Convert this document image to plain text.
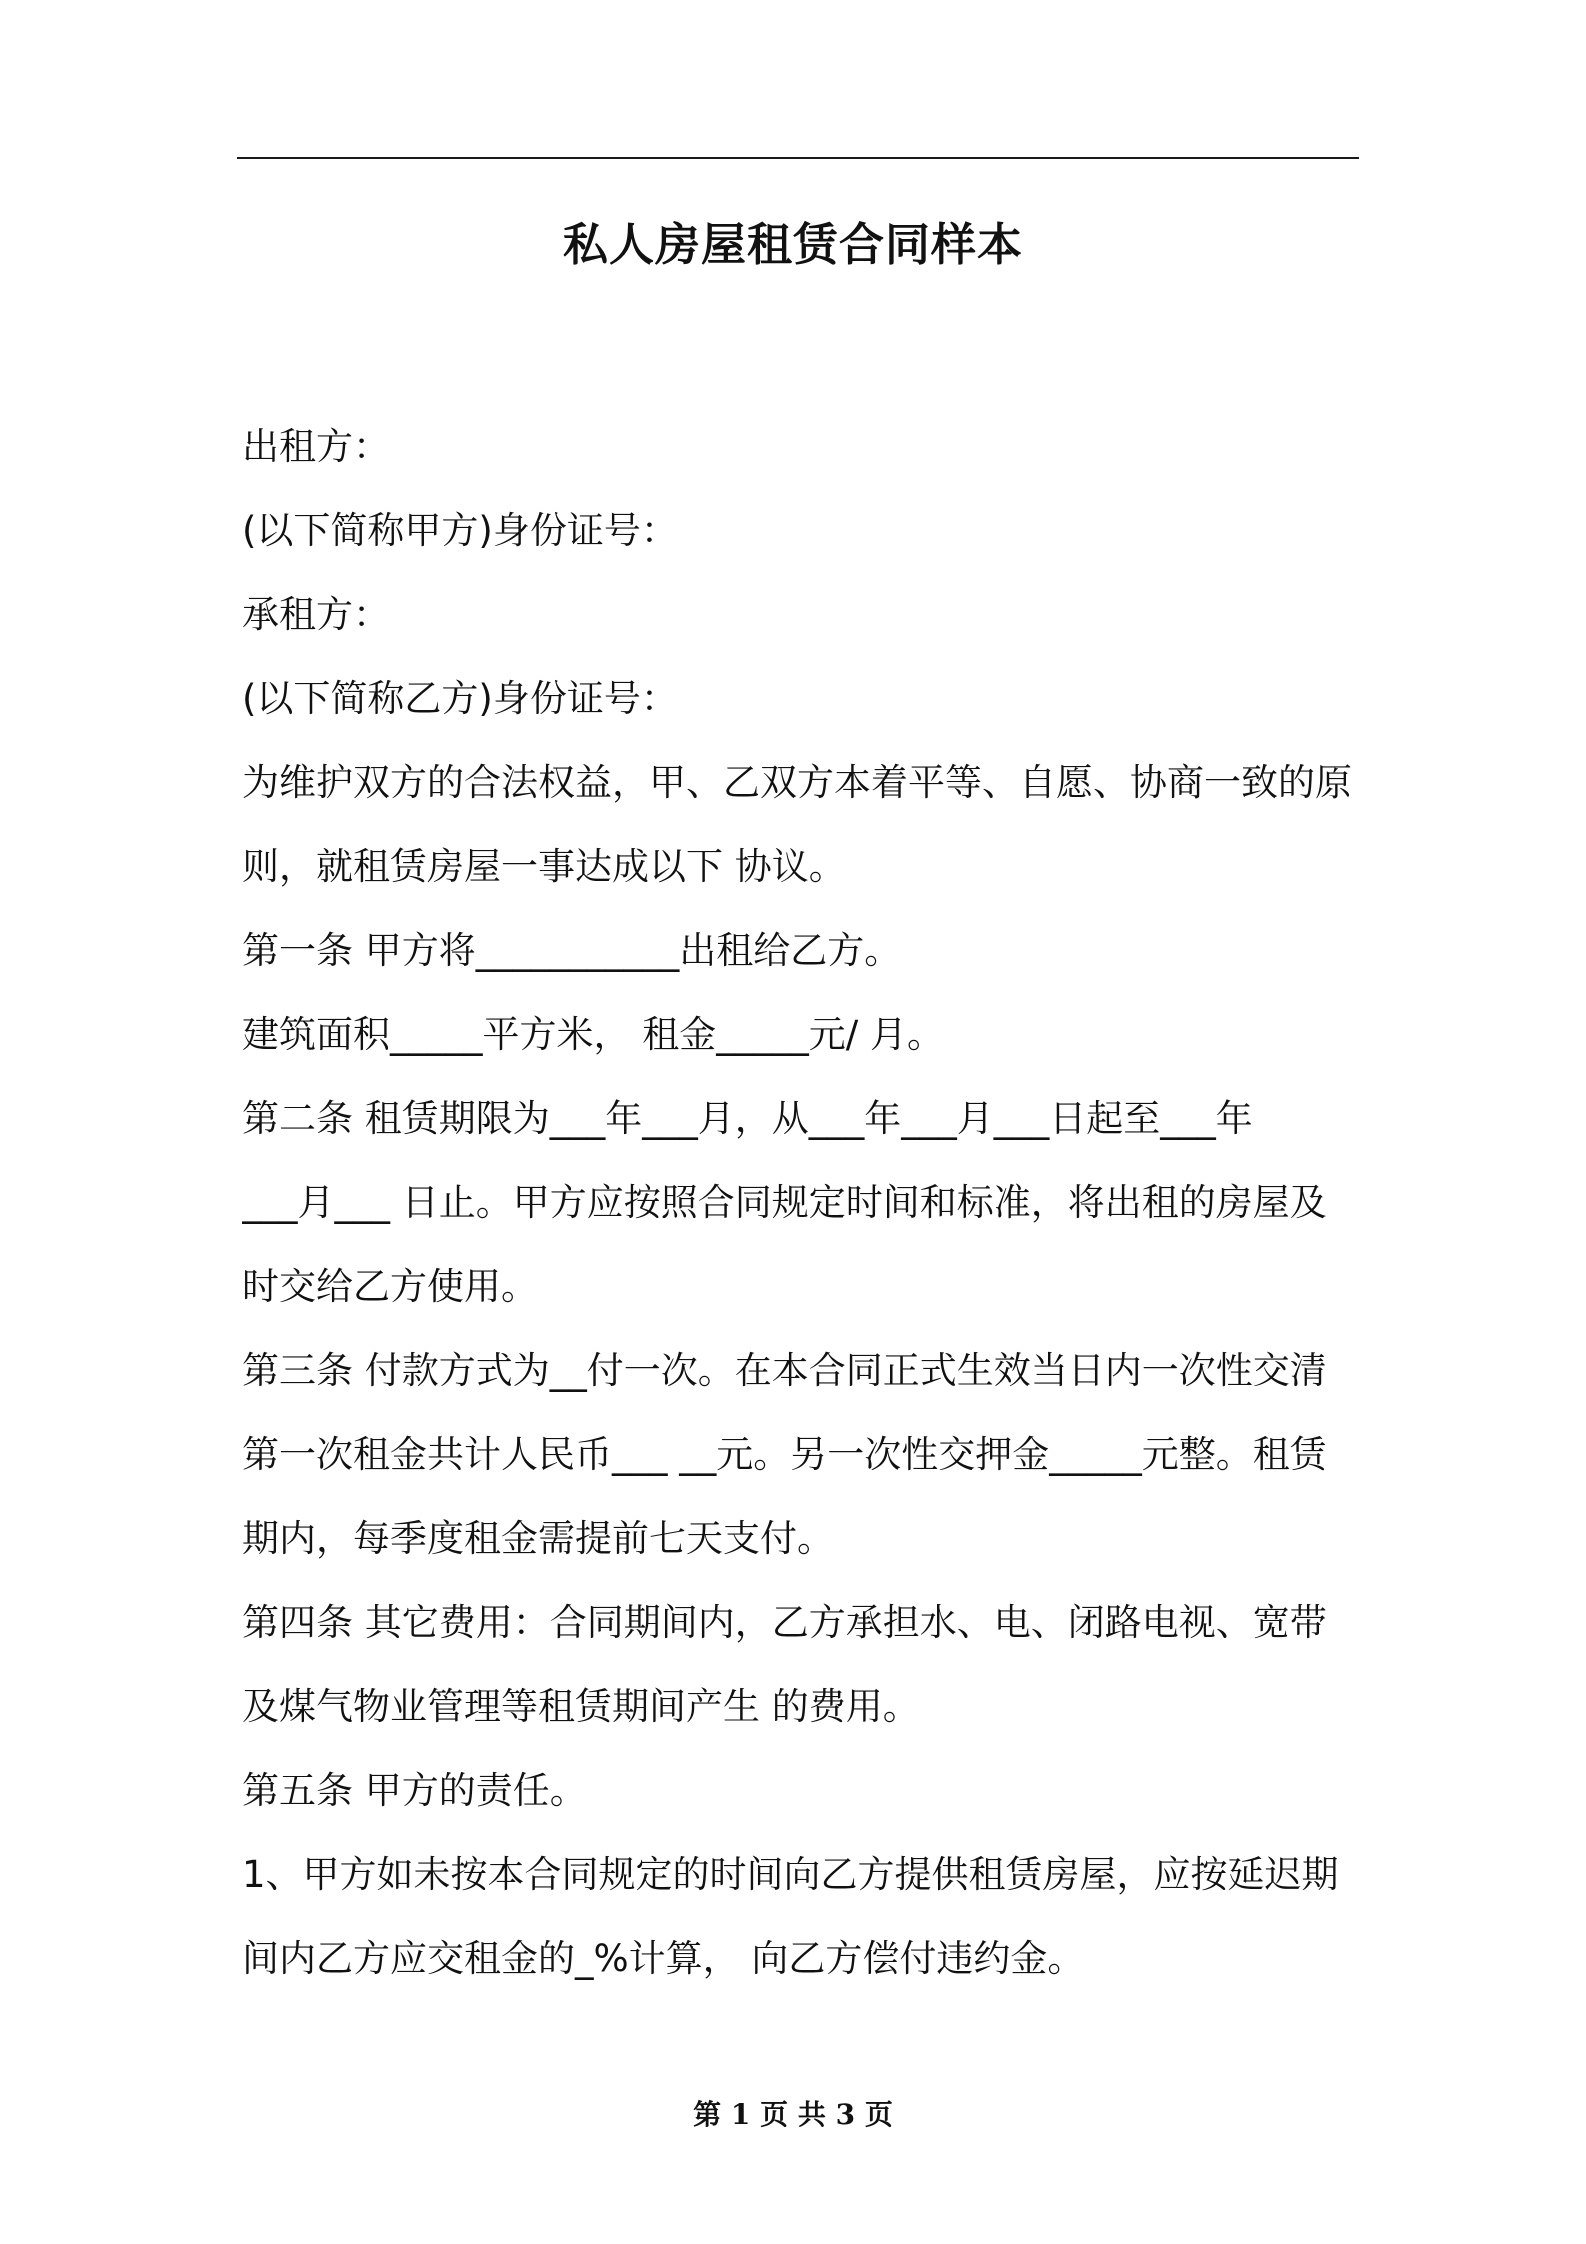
私人房屋租赁合同样本
出租方：
(以下简称甲方)身份证号：
承租方：
(以下简称乙方)身份证号：
为维护双方的合法权益，甲、乙双方本着平等、自愿、协商一致的原
则，就租赁房屋一事达成以下 协议。
第一条 甲方将___________出租给乙方。
建筑面积_____平方米， 租金_____元/ 月。
第二条 租赁期限为___年___月，从___年___月___日起至___年
___月___ 日止。甲方应按照合同规定时间和标准，将出租的房屋及
时交给乙方使用。
第三条 付款方式为__付一次。在本合同正式生效当日内一次性交清
第一次租金共计人民币___ __元。另一次性交押金_____元整。租赁
期内，每季度租金需提前七天支付。
第四条 其它费用：合同期间内，乙方承担水、电、闭路电视、宽带
及煤气物业管理等租赁期间产生 的费用。
第五条 甲方的责任。
1、甲方如未按本合同规定的时间向乙方提供租赁房屋，应按延迟期
间内乙方应交租金的_%计算， 向乙方偿付违约金。
第 1 页 共 3 页
